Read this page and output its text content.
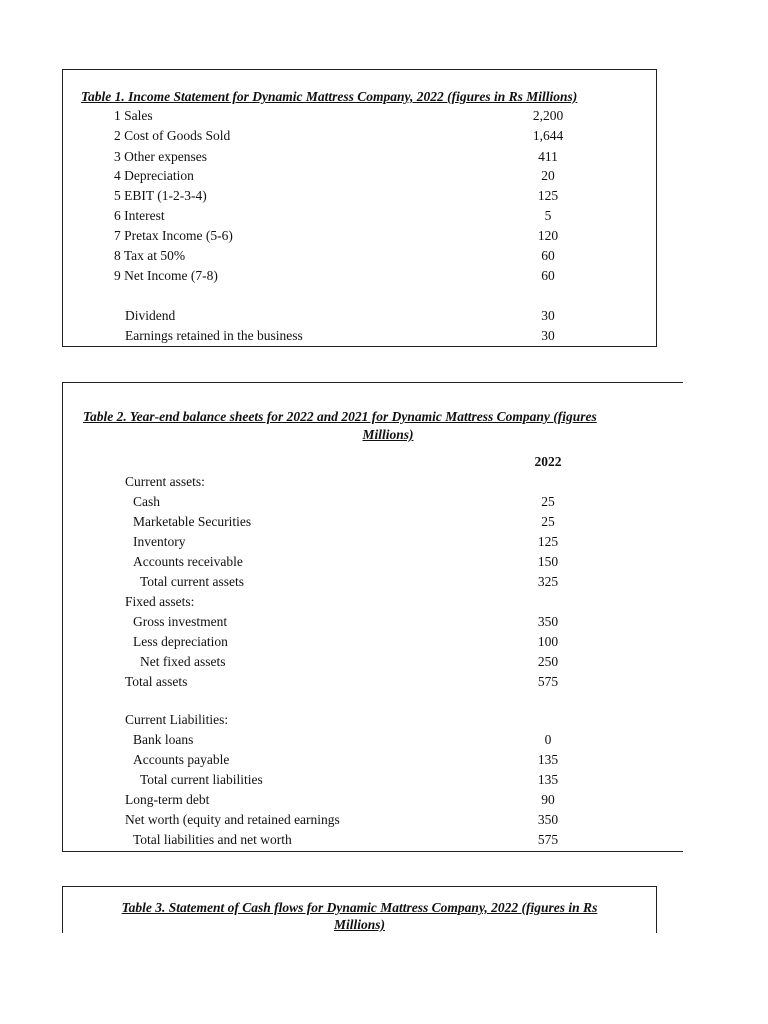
Table 1. Income Statement for Dynamic Mattress Company, 2022 (figures in Rs Millions)
1 Sales	2,200
2 Cost of Goods Sold	1,644
3 Other expenses	411
4 Depreciation	20
5 EBIT (1-2-3-4)	125
6 Interest	5
7 Pretax Income (5-6)	120
8 Tax at 50%	60
9 Net Income (7-8)	60
Dividend	30
Earnings retained in the business	30
Table 2. Year-end balance sheets for 2022 and 2021 for Dynamic Mattress Company (figures
Millions)
2022
Current assets:
Cash	25
Marketable Securities	25
Inventory	125
Accounts receivable	150
Total current assets	325
Fixed assets:
Gross investment	350
Less depreciation	100
Net fixed assets	250
Total assets	575
Current Liabilities:
Bank loans	0
Accounts payable	135
Total current liabilities	135
Long-term debt	90
Net worth (equity and retained earnings	350
Total liabilities and net worth	575
Table 3. Statement of Cash flows for Dynamic Mattress Company, 2022 (figures in Rs
Millions)
